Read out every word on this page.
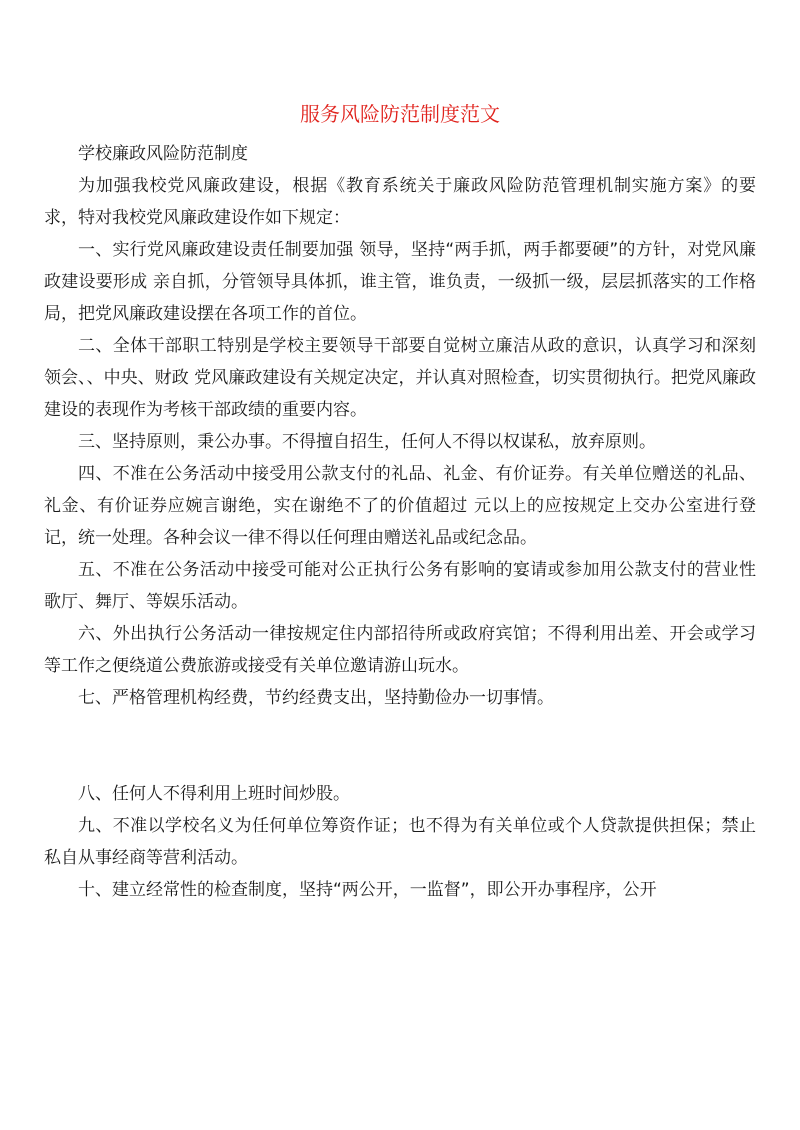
服务风险防范制度范文

学校廉政风险防范制度

为加强我校党风廉政建设，根据《教育系统关于廉政风险防范管理机制实施方案》的要求，特对我校党风廉政建设作如下规定：

一、实行党风廉政建设责任制要加强 领导，坚持“两手抓，两手都要硬”的方针，对党风廉政建设要形成 亲自抓，分管领导具体抓，谁主管，谁负责，一级抓一级，层层抓落实的工作格局，把党风廉政建设摆在各项工作的首位。

二、全体干部职工特别是学校主要领导干部要自觉树立廉洁从政的意识，认真学习和深刻领会、、中央、财政 党风廉政建设有关规定决定，并认真对照检查，切实贯彻执行。把党风廉政建设的表现作为考核干部政绩的重要内容。

三、坚持原则，秉公办事。不得擅自招生，任何人不得以权谋私，放弃原则。

四、不准在公务活动中接受用公款支付的礼品、礼金、有价证券。有关单位赠送的礼品、礼金、有价证券应婉言谢绝，实在谢绝不了的价值超过 元以上的应按规定上交办公室进行登记，统一处理。各种会议一律不得以任何理由赠送礼品或纪念品。

五、不准在公务活动中接受可能对公正执行公务有影响的宴请或参加用公款支付的营业性歌厅、舞厅、等娱乐活动。

六、外出执行公务活动一律按规定住内部招待所或政府宾馆；不得利用出差、开会或学习等工作之便绕道公费旅游或接受有关单位邀请游山玩水。

七、严格管理机构经费，节约经费支出，坚持勤俭办一切事情。

八、任何人不得利用上班时间炒股。

九、不准以学校名义为任何单位筹资作证；也不得为有关单位或个人贷款提供担保；禁止私自从事经商等营利活动。

十、建立经常性的检查制度，坚持“两公开，一监督”，即公开办事程序，公开
